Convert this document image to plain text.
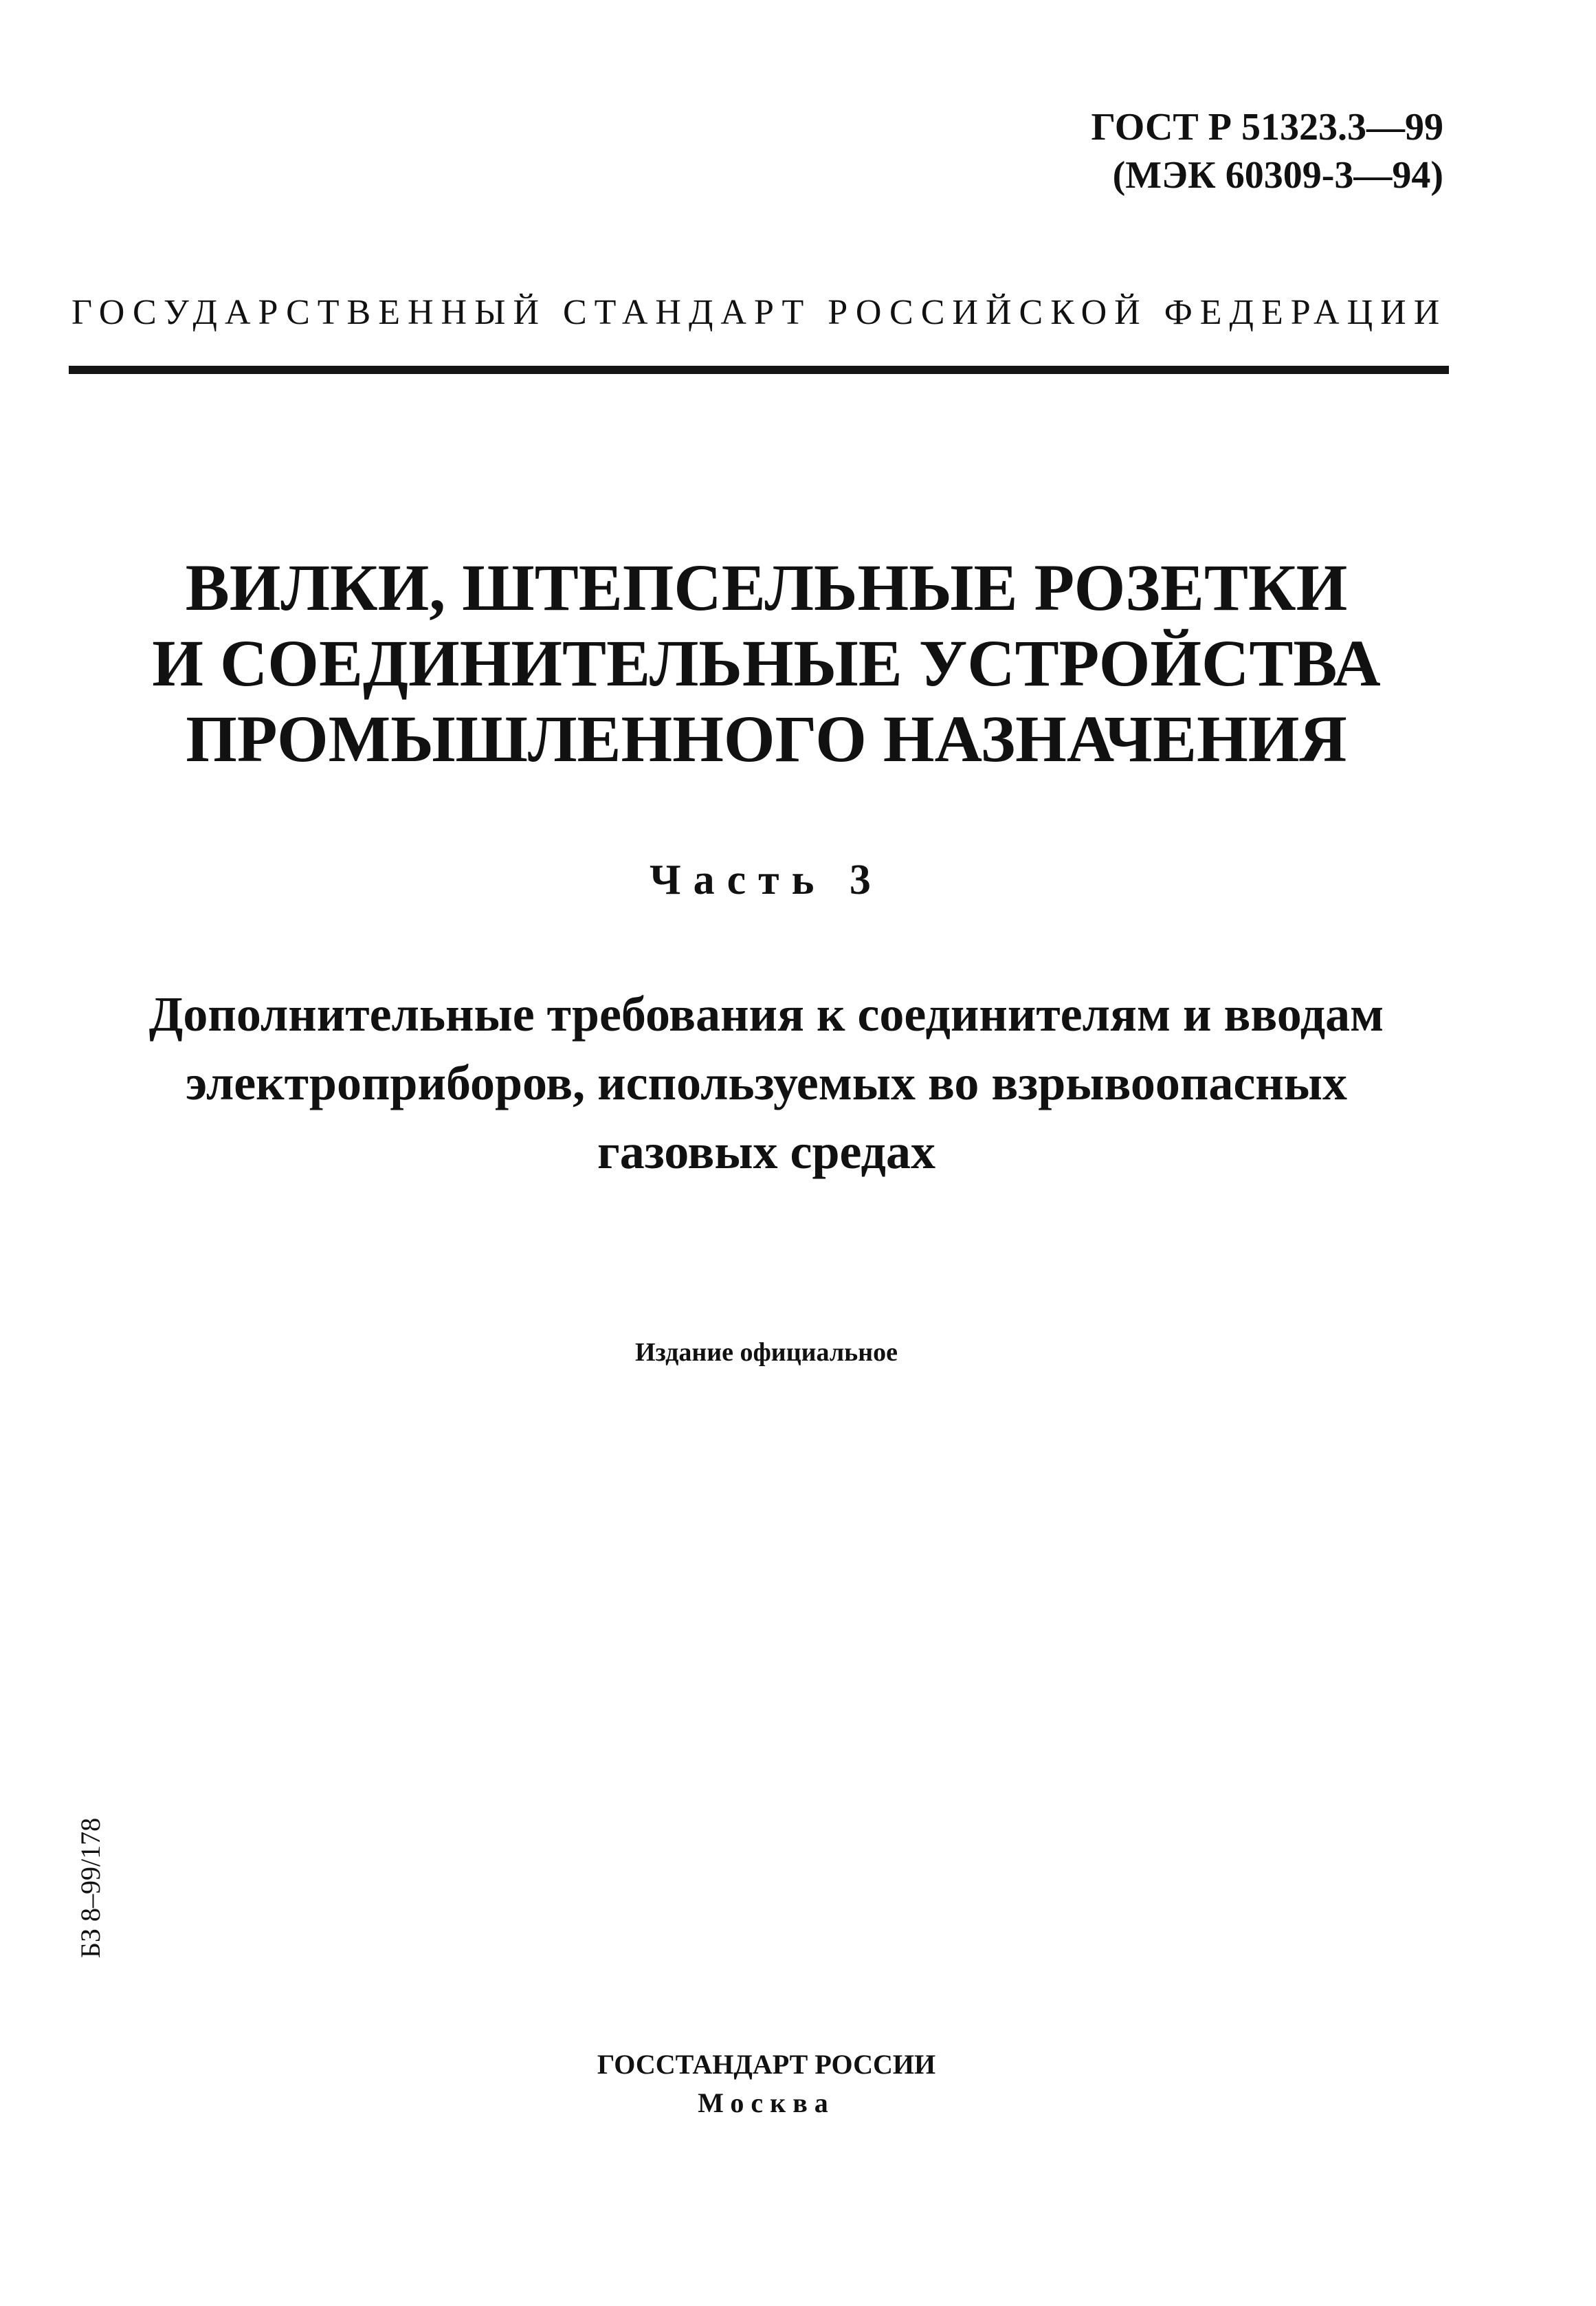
ГОСТ Р 51323.3—99
(МЭК 60309-3—94)
ГОСУДАРСТВЕННЫЙ СТАНДАРТ РОССИЙСКОЙ ФЕДЕРАЦИИ
ВИЛКИ, ШТЕПСЕЛЬНЫЕ РОЗЕТКИ
И СОЕДИНИТЕЛЬНЫЕ УСТРОЙСТВА
ПРОМЫШЛЕННОГО НАЗНАЧЕНИЯ
Часть 3
Дополнительные требования к соединителям и вводам
электроприборов, используемых во взрывоопасных
газовых средах
Издание официальное
БЗ 8–99/178
ГОССТАНДАРТ РОССИИ
Москва
